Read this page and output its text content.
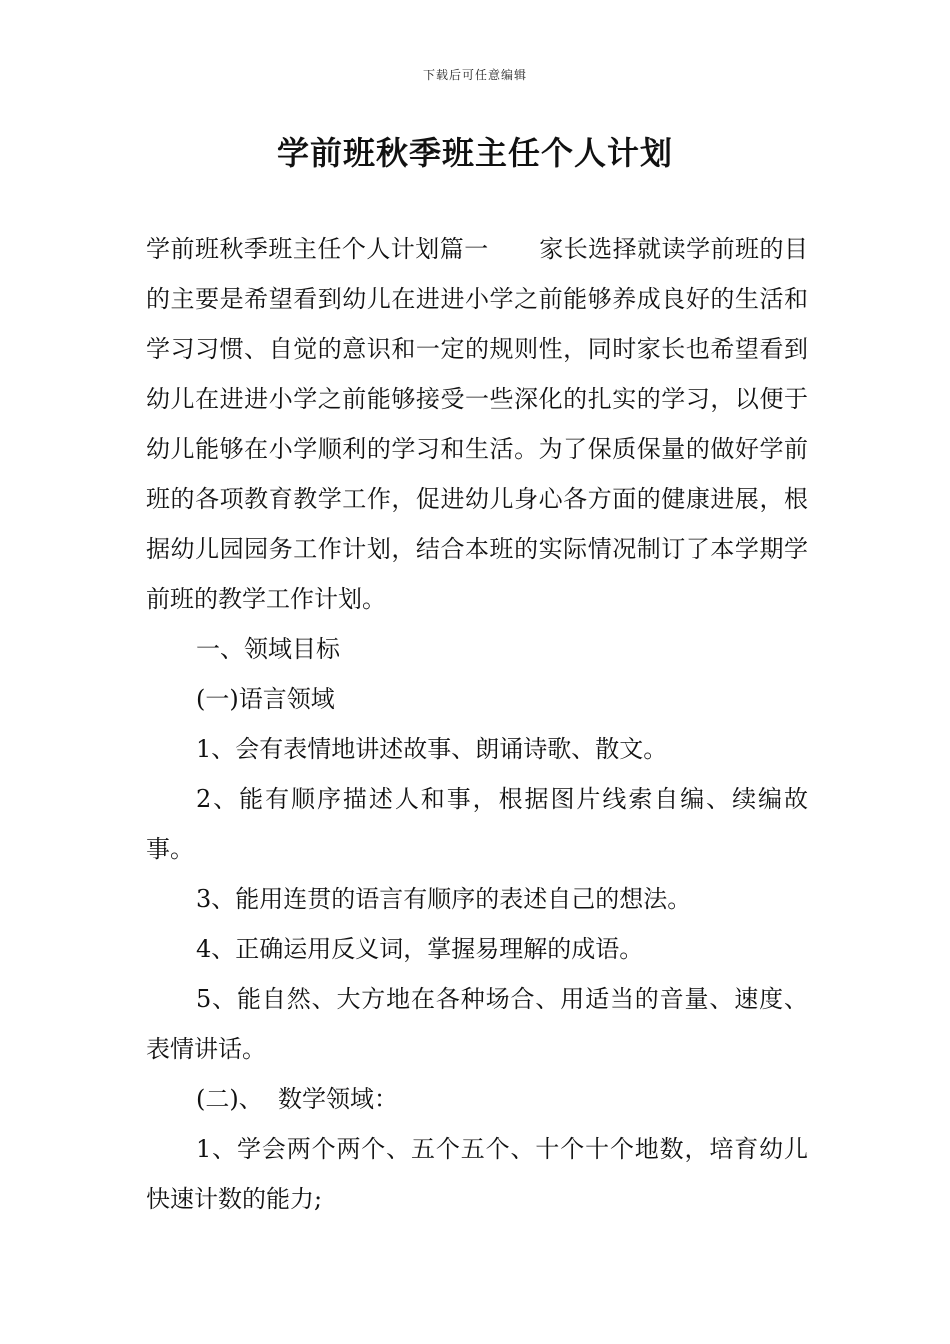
下载后可任意编辑
学前班秋季班主任个人计划

学前班秋季班主任个人计划篇一 家长选择就读学前班的目的主要是希望看到幼儿在进进小学之前能够养成良好的生活和学习习惯、自觉的意识和一定的规则性，同时家长也希望看到幼儿在进进小学之前能够接受一些深化的扎实的学习，以便于幼儿能够在小学顺利的学习和生活。为了保质保量的做好学前班的各项教育教学工作，促进幼儿身心各方面的健康进展，根据幼儿园园务工作计划，结合本班的实际情况制订了本学期学前班的教学工作计划。

一、领域目标

(一)语言领域

1、会有表情地讲述故事、朗诵诗歌、散文。

2、能有顺序描述人和事，根据图片线索自编、续编故事。

3、能用连贯的语言有顺序的表述自己的想法。

4、正确运用反义词，掌握易理解的成语。

5、能自然、大方地在各种场合、用适当的音量、速度、表情讲话。

(二)、  数学领域：

1、学会两个两个、五个五个、十个十个地数，培育幼儿快速计数的能力;
